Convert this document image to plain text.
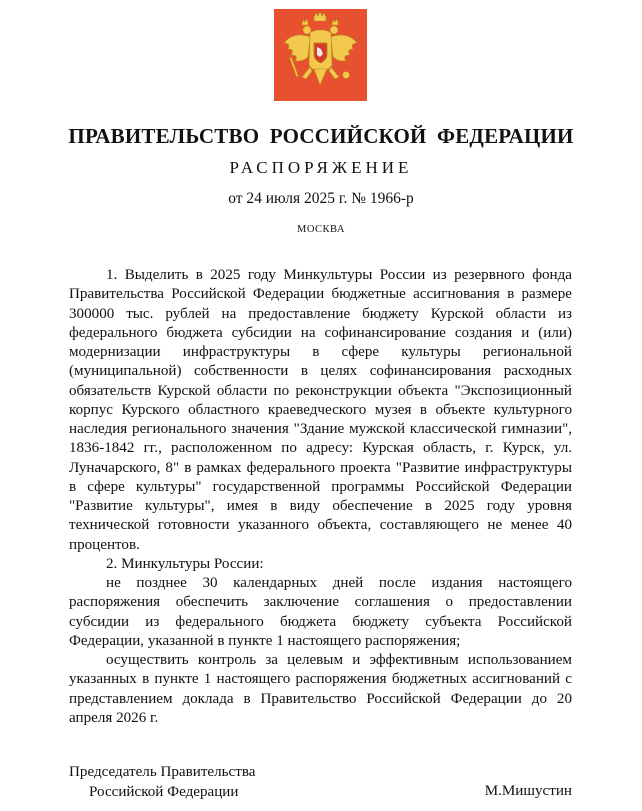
ПРАВИТЕЛЬСТВО РОССИЙСКОЙ ФЕДЕРАЦИИ
РАСПОРЯЖЕНИЕ
от 24 июля 2025 г. № 1966-р
МОСКВА

1. Выделить в 2025 году Минкультуры России из резервного фонда Правительства Российской Федерации бюджетные ассигнования в размере 300000 тыс. рублей на предоставление бюджету Курской области из федерального бюджета субсидии на софинансирование создания и (или) модернизации инфраструктуры в сфере культуры региональной (муниципальной) собственности в целях софинансирования расходных обязательств Курской области по реконструкции объекта "Экспозиционный корпус Курского областного краеведческого музея в объекте культурного наследия регионального значения "Здание мужской классической гимназии", 1836-1842 гг., расположенном по адресу: Курская область, г. Курск, ул. Луначарского, 8" в рамках федерального проекта "Развитие инфраструктуры в сфере культуры" государственной программы Российской Федерации "Развитие культуры", имея в виду обеспечение в 2025 году уровня технической готовности указанного объекта, составляющего не менее 40 процентов.

2. Минкультуры России:

не позднее 30 календарных дней после издания настоящего распоряжения обеспечить заключение соглашения о предоставлении субсидии из федерального бюджета бюджету субъекта Российской Федерации, указанной в пункте 1 настоящего распоряжения;

осуществить контроль за целевым и эффективным использованием указанных в пункте 1 настоящего распоряжения бюджетных ассигнований с представлением доклада в Правительство Российской Федерации до 20 апреля 2026 г.

Председатель Правительства
Российской Федерации	М.Мишустин
